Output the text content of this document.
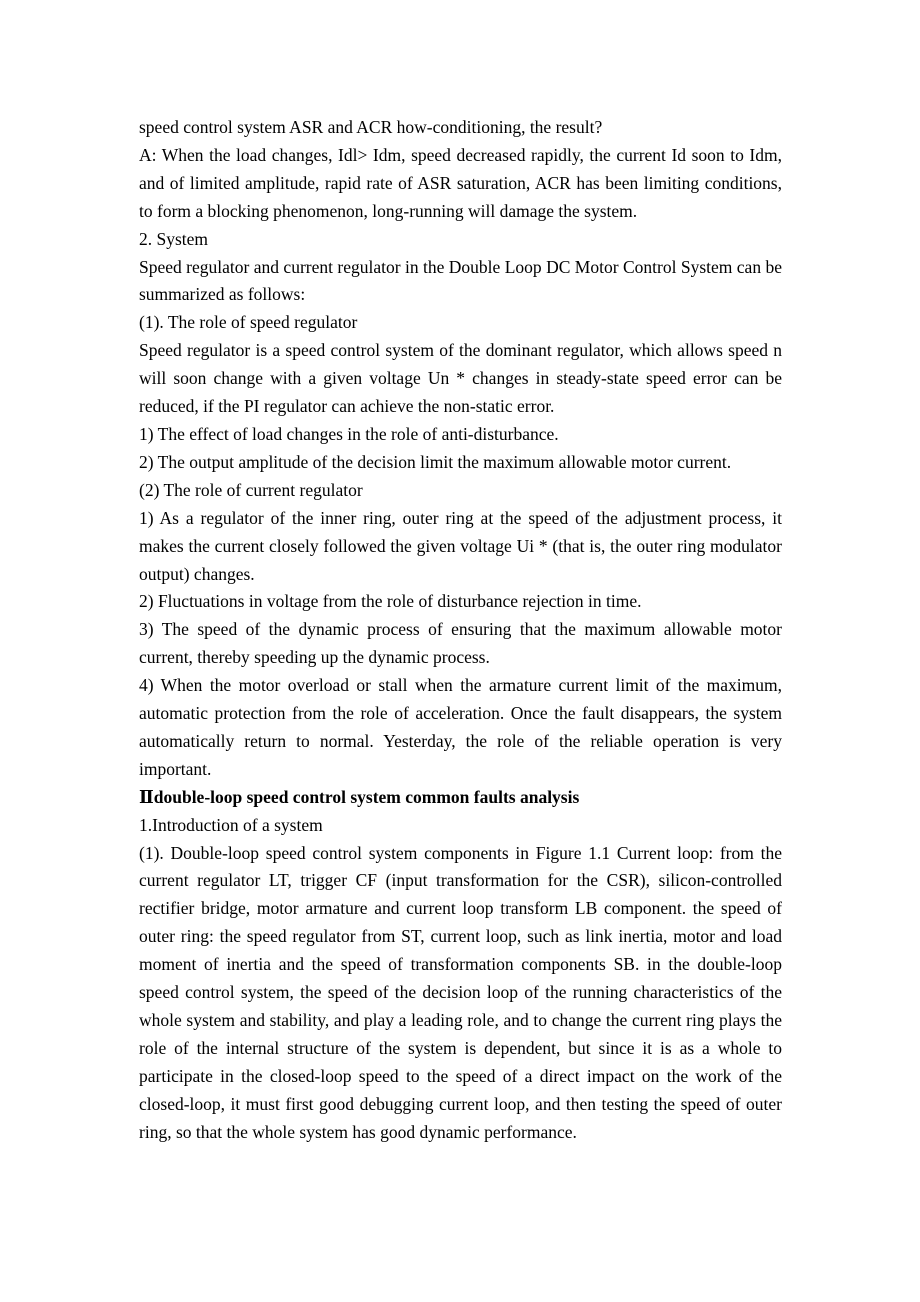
speed control system ASR and ACR how-conditioning, the result?

A: When the load changes, Idl> Idm, speed decreased rapidly, the current Id soon to Idm, and of limited amplitude, rapid rate of ASR saturation, ACR has been limiting conditions, to form a blocking phenomenon, long-running will damage the system.

2. System

Speed regulator and current regulator in the Double Loop DC Motor Control System can be summarized as follows:

(1). The role of speed regulator

Speed regulator is a speed control system of the dominant regulator, which allows speed n will soon change with a given voltage Un * changes in steady-state speed error can be reduced, if the PI regulator can achieve the non-static error.

1) The effect of load changes in the role of anti-disturbance.

2) The output amplitude of the decision limit the maximum allowable motor current.

(2) The role of current regulator

1) As a regulator of the inner ring, outer ring at the speed of the adjustment process, it makes the current closely followed the given voltage Ui * (that is, the outer ring modulator output) changes.

2) Fluctuations in voltage from the role of disturbance rejection in time.

3) The speed of the dynamic process of ensuring that the maximum allowable motor current, thereby speeding up the dynamic process.

4) When the motor overload or stall when the armature current limit of the maximum, automatic protection from the role of acceleration. Once the fault disappears, the system automatically return to normal. Yesterday, the role of the reliable operation is very important.

Ⅱdouble-loop speed control system common faults analysis

1.Introduction of a system

(1). Double-loop speed control system components in Figure 1.1 Current loop: from the current regulator LT, trigger CF (input transformation for the CSR), silicon-controlled rectifier bridge, motor armature and current loop transform LB component. the speed of outer ring: the speed regulator from ST, current loop, such as link inertia, motor and load moment of inertia and the speed of transformation components SB. in the double-loop speed control system, the speed of the decision loop of the running characteristics of the whole system and stability, and play a leading role, and to change the current ring plays the role of the internal structure of the system is dependent, but since it is as a whole to participate in the closed-loop speed to the speed of a direct impact on the work of the closed-loop, it must first good debugging current loop, and then testing the speed of outer ring, so that the whole system has good dynamic performance.
